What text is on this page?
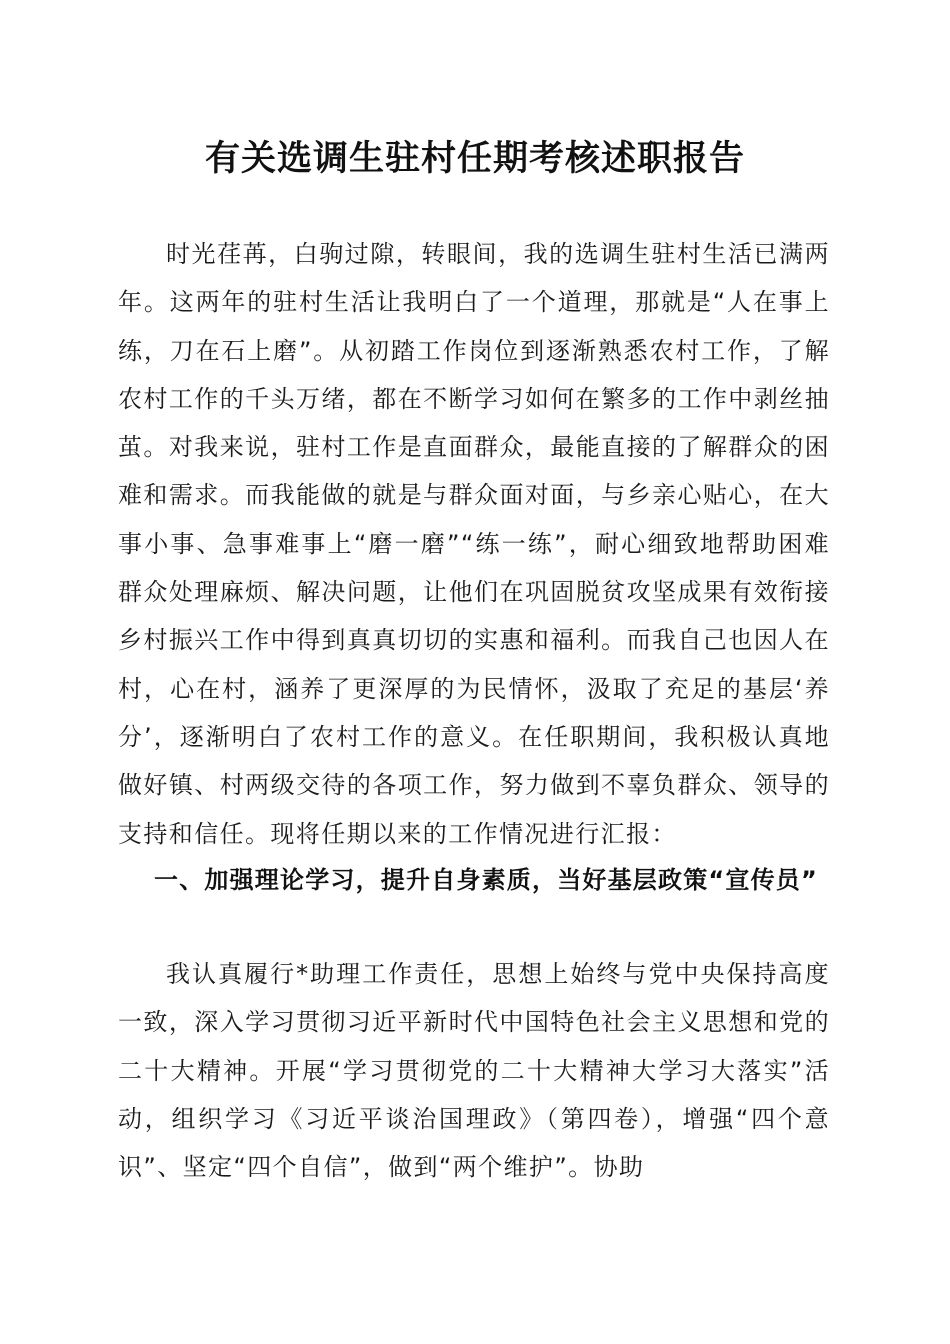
有关选调生驻村任期考核述职报告

时光荏苒，白驹过隙，转眼间，我的选调生驻村生活已满两年。这两年的驻村生活让我明白了一个道理，那就是“人在事上练，刀在石上磨”。从初踏工作岗位到逐渐熟悉农村工作，了解农村工作的千头万绪，都在不断学习如何在繁多的工作中剥丝抽茧。对我来说，驻村工作是直面群众，最能直接的了解群众的困难和需求。而我能做的就是与群众面对面，与乡亲心贴心，在大事小事、急事难事上“磨一磨”“练一练”，耐心细致地帮助困难群众处理麻烦、解决问题，让他们在巩固脱贫攻坚成果有效衔接乡村振兴工作中得到真真切切的实惠和福利。而我自己也因人在村，心在村，涵养了更深厚的为民情怀，汲取了充足的基层‘养分’，逐渐明白了农村工作的意义。在任职期间，我积极认真地做好镇、村两级交待的各项工作，努力做到不辜负群众、领导的支持和信任。现将任期以来的工作情况进行汇报：

一、加强理论学习，提升自身素质，当好基层政策“宣传员”

我认真履行*助理工作责任，思想上始终与党中央保持高度一致，深入学习贯彻习近平新时代中国特色社会主义思想和党的二十大精神。开展“学习贯彻党的二十大精神大学习大落实”活动，组织学习《习近平谈治国理政》（第四卷），增强“四个意识”、坚定“四个自信”，做到“两个维护”。协助
